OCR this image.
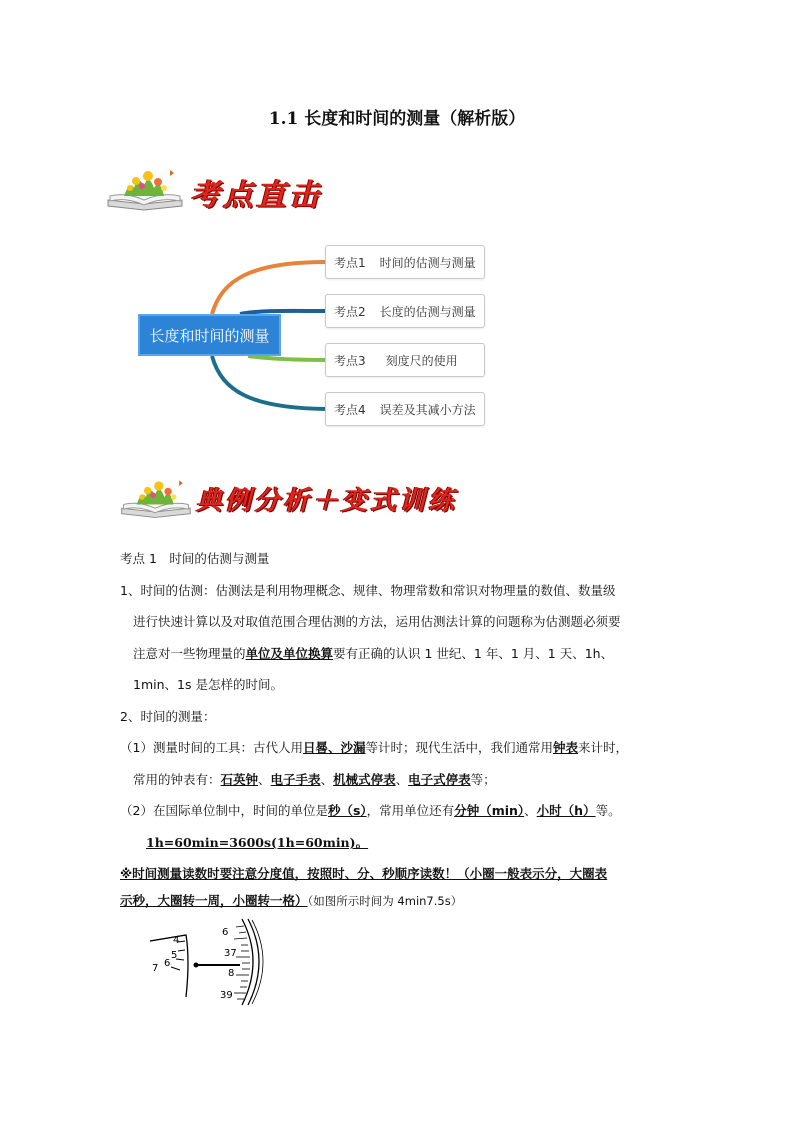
1.1 长度和时间的测量（解析版）
考点直击
长度和时间的测量
考点1 时间的估测与测量
考点2 长度的估测与测量
考点3 刻度尺的使用
考点4 误差及其减小方法
典例分析＋变式训练
考点 1　时间的估测与测量
1、时间的估测：估测法是利用物理概念、规律、物理常数和常识对物理量的数值、数量级
进行快速计算以及对取值范围合理估测的方法，运用估测法计算的问题称为估测题必须要
注意对一些物理量的单位及单位换算要有正确的认识 1 世纪、1 年、1 月、1 天、1h、
1min、1s 是怎样的时间。
2、时间的测量：
（1）测量时间的工具：古代人用日晷、沙漏等计时；现代生活中，我们通常用钟表来计时，
常用的钟表有：石英钟、电子手表、机械式停表、电子式停表等；
（2）在国际单位制中，时间的单位是秒（s），常用单位还有分钟（min）、小时（h）等。
1h=60min=3600s(1h=60min)。
※时间测量读数时要注意分度值，按照时、分、秒顺序读数！（小圈一般表示分，大圈表
示秒，大圈转一周，小圈转一格）（如图所示时间为 4min7.5s）
4
5
6
7
6
37
8
39
